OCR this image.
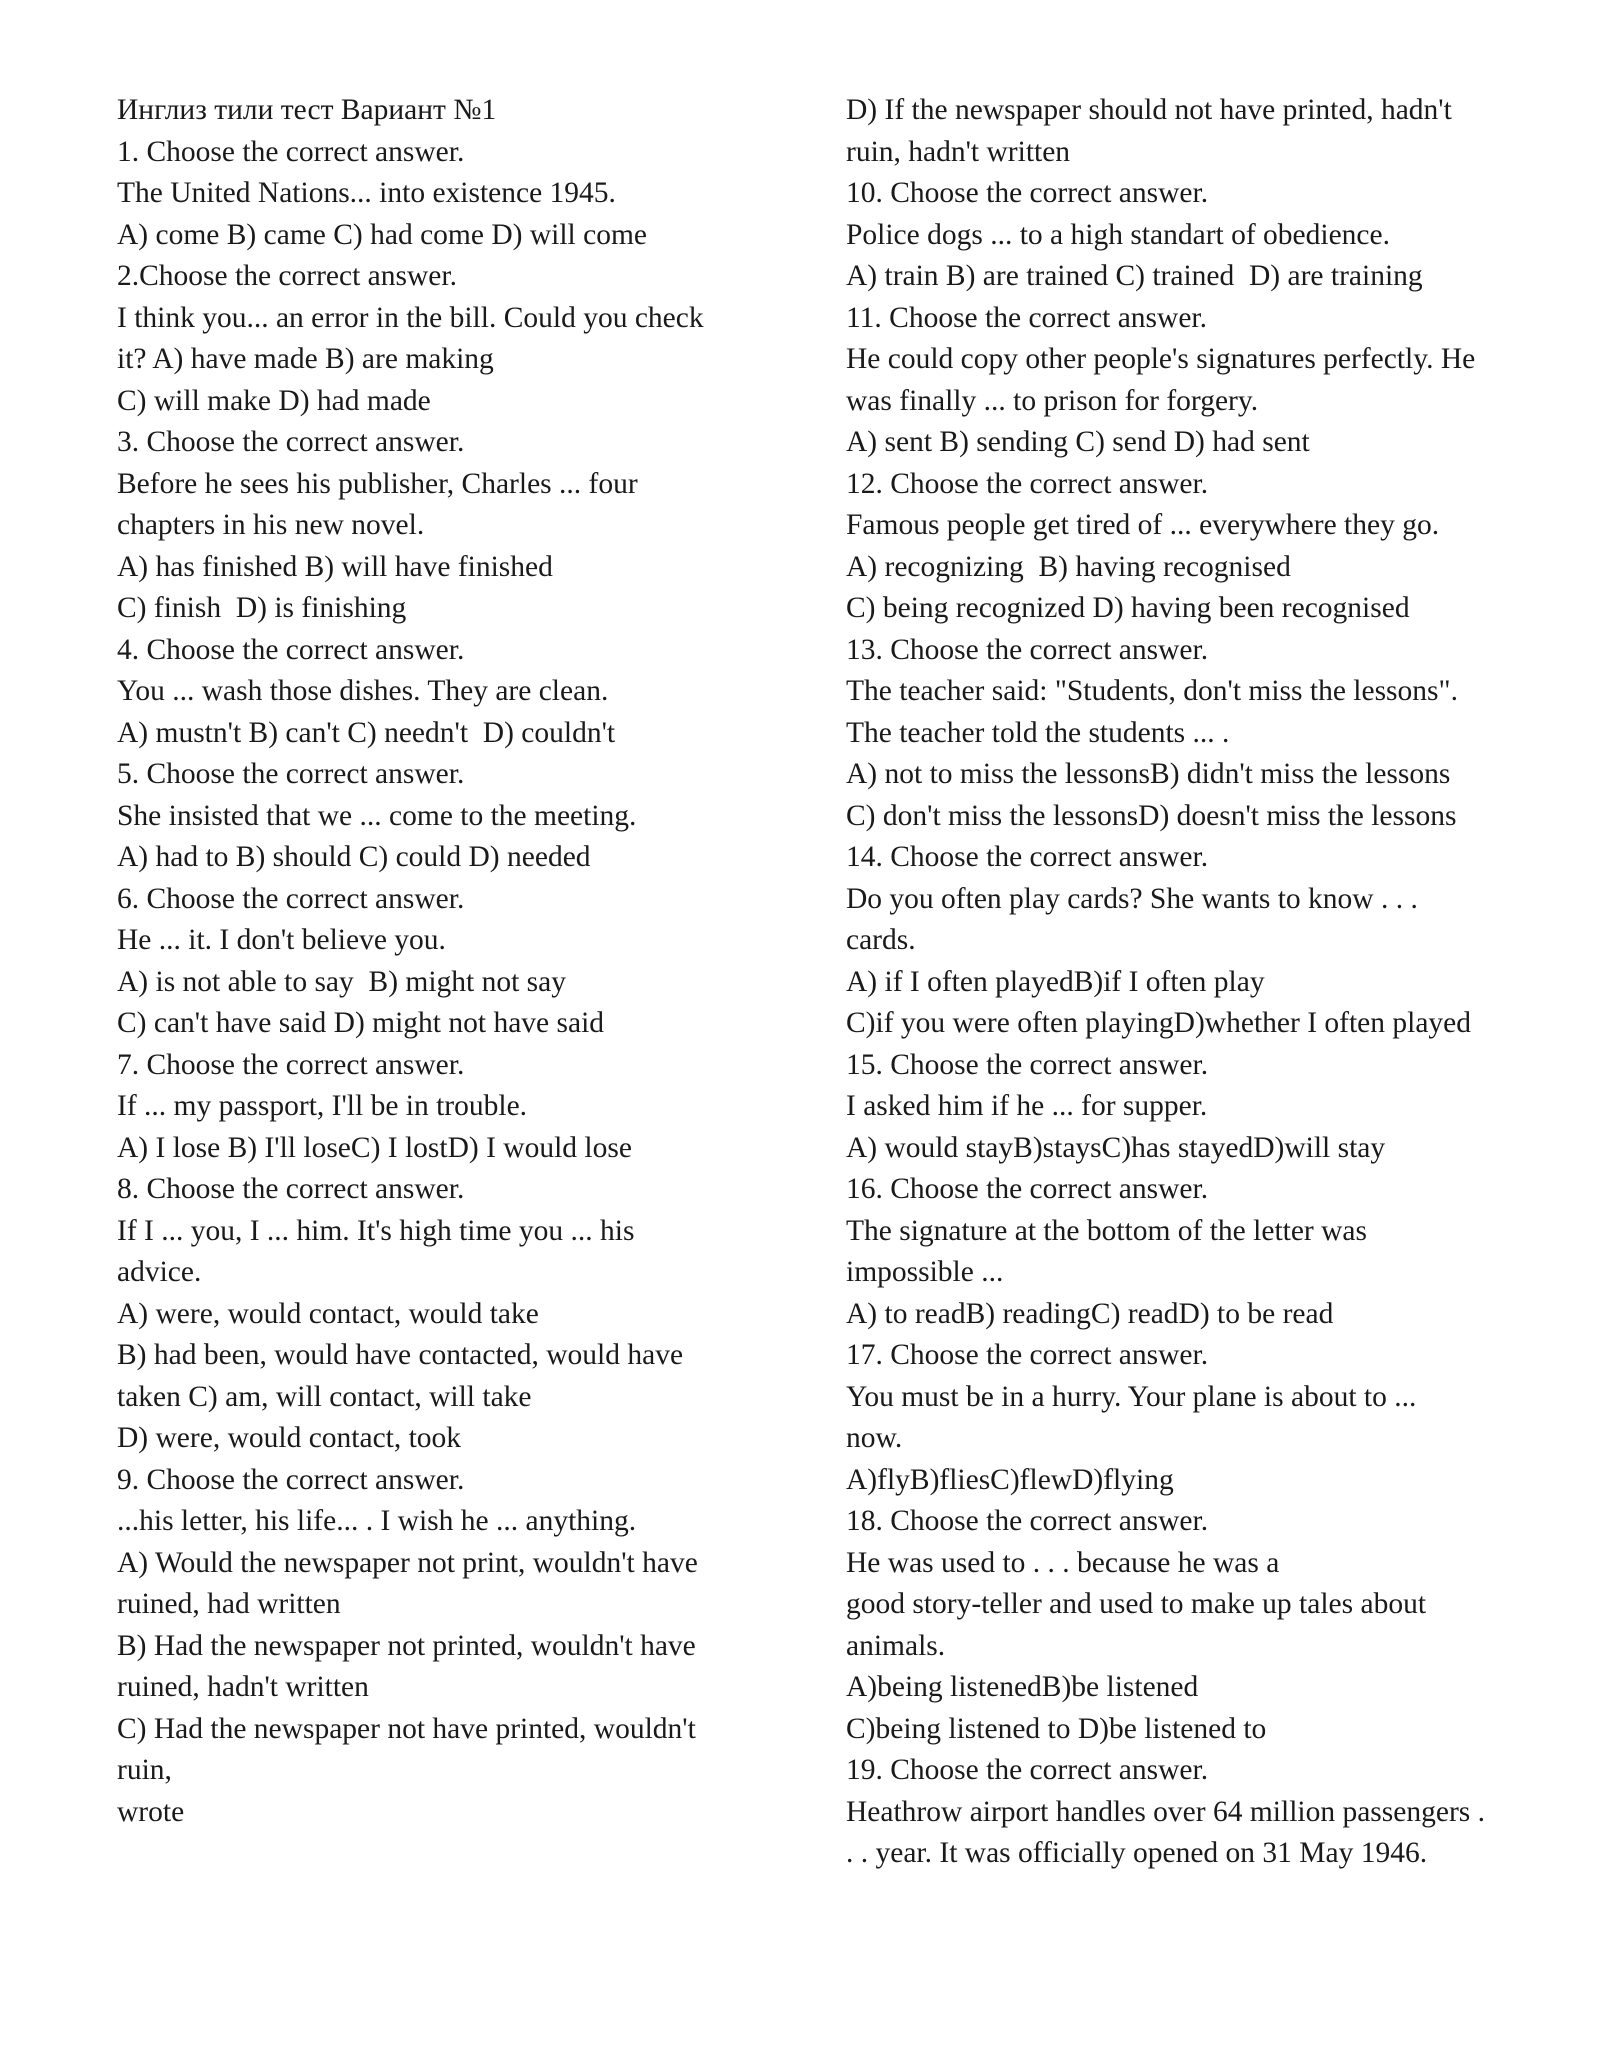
Инглиз тили тест Вариант №1
1. Choose the correct answer.
The United Nations... into existence 1945.
A) come B) came C) had come D) will come
2.Choose the correct answer.
I think you... an error in the bill. Could you check
it? A) have made B) are making
C) will make D) had made
3. Choose the correct answer.
Before he sees his publisher, Charles ... four
chapters in his new novel.
A) has finished B) will have finished
C) finish  D) is finishing
4. Choose the correct answer.
You ... wash those dishes. They are clean.
A) mustn't B) can't C) needn't  D) couldn't
5. Choose the correct answer.
She insisted that we ... come to the meeting.
A) had to B) should C) could D) needed
6. Choose the correct answer.
He ... it. I don't believe you.
A) is not able to say  B) might not say
C) can't have said D) might not have said
7. Choose the correct answer.
If ... my passport, I'll be in trouble.
A) I lose B) I'll loseC) I lostD) I would lose
8. Choose the correct answer.
If I ... you, I ... him. It's high time you ... his
advice.
A) were, would contact, would take
B) had been, would have contacted, would have
taken C) am, will contact, will take
D) were, would contact, took
9. Choose the correct answer.
...his letter, his life... . I wish he ... anything.
A) Would the newspaper not print, wouldn't have
ruined, had written
B) Had the newspaper not printed, wouldn't have
ruined, hadn't written
C) Had the newspaper not have printed, wouldn't
ruin,
wrote
D) If the newspaper should not have printed, hadn't
ruin, hadn't written
10. Choose the correct answer.
Police dogs ... to a high standart of obedience.
A) train B) are trained C) trained  D) are training
11. Choose the correct answer.
He could copy other people's signatures perfectly. He
was finally ... to prison for forgery.
A) sent B) sending C) send D) had sent
12. Choose the correct answer.
Famous people get tired of ... everywhere they go.
A) recognizing  B) having recognised
C) being recognized D) having been recognised
13. Choose the correct answer.
The teacher said: "Students, don't miss the lessons".
The teacher told the students ... .
A) not to miss the lessonsB) didn't miss the lessons
C) don't miss the lessonsD) doesn't miss the lessons
14. Choose the correct answer.
Do you often play cards? She wants to know . . .
cards.
A) if I often playedB)if I often play
C)if you were often playingD)whether I often played
15. Choose the correct answer.
I asked him if he ... for supper.
A) would stayB)staysC)has stayedD)will stay
16. Choose the correct answer.
The signature at the bottom of the letter was
impossible ...
A) to readB) readingC) readD) to be read
17. Choose the correct answer.
You must be in a hurry. Your plane is about to ...
now.
A)flyB)fliesC)flewD)flying
18. Choose the correct answer.
He was used to . . . because he was a
good story-teller and used to make up tales about
animals.
A)being listenedB)be listened
C)being listened to D)be listened to
19. Choose the correct answer.
Heathrow airport handles over 64 million passengers .
. . year. It was officially opened on 31 May 1946.
